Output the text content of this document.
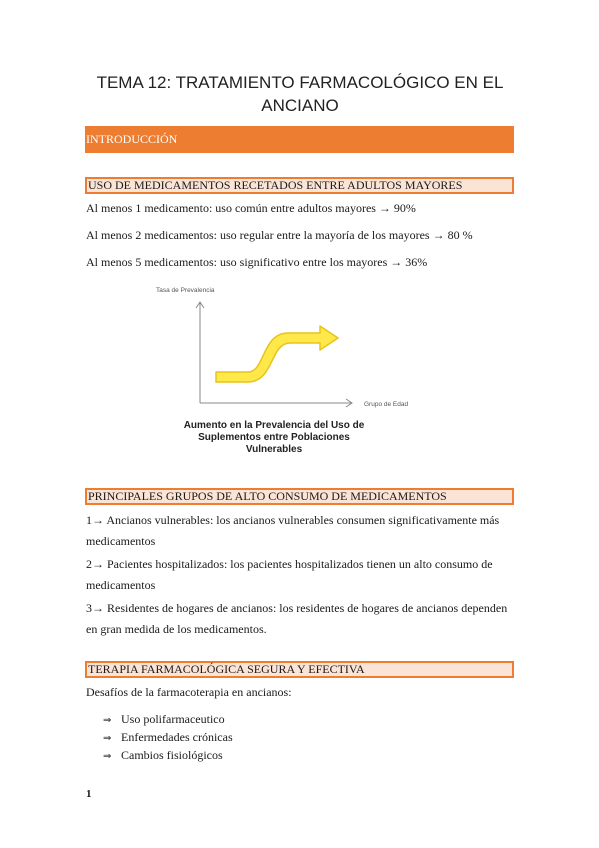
TEMA 12: TRATAMIENTO FARMACOLÓGICO EN EL ANCIANO
INTRODUCCIÓN
USO DE MEDICAMENTOS RECETADOS ENTRE ADULTOS MAYORES
Al menos 1 medicamento: uso común entre adultos mayores → 90%
Al menos 2 medicamentos: uso regular entre la mayoría de los mayores → 80 %
Al menos 5 medicamentos: uso significativo entre los mayores → 36%
Tasa de Prevalencia
Grupo de Edad
Aumento en la Prevalencia del Uso de
Suplementos entre Poblaciones
Vulnerables
PRINCIPALES GRUPOS DE ALTO CONSUMO DE MEDICAMENTOS
1→ Ancianos vulnerables: los ancianos vulnerables consumen significativamente más medicamentos
2→ Pacientes hospitalizados: los pacientes hospitalizados tienen un alto consumo de medicamentos
3→ Residentes de hogares de ancianos: los residentes de hogares de ancianos dependen en gran medida de los medicamentos.
TERAPIA FARMACOLÓGICA SEGURA Y EFECTIVA
Desafíos de la farmacoterapia en ancianos:
⇒ Uso polifarmaceutico
⇒ Enfermedades crónicas
⇒ Cambios fisiológicos
1
